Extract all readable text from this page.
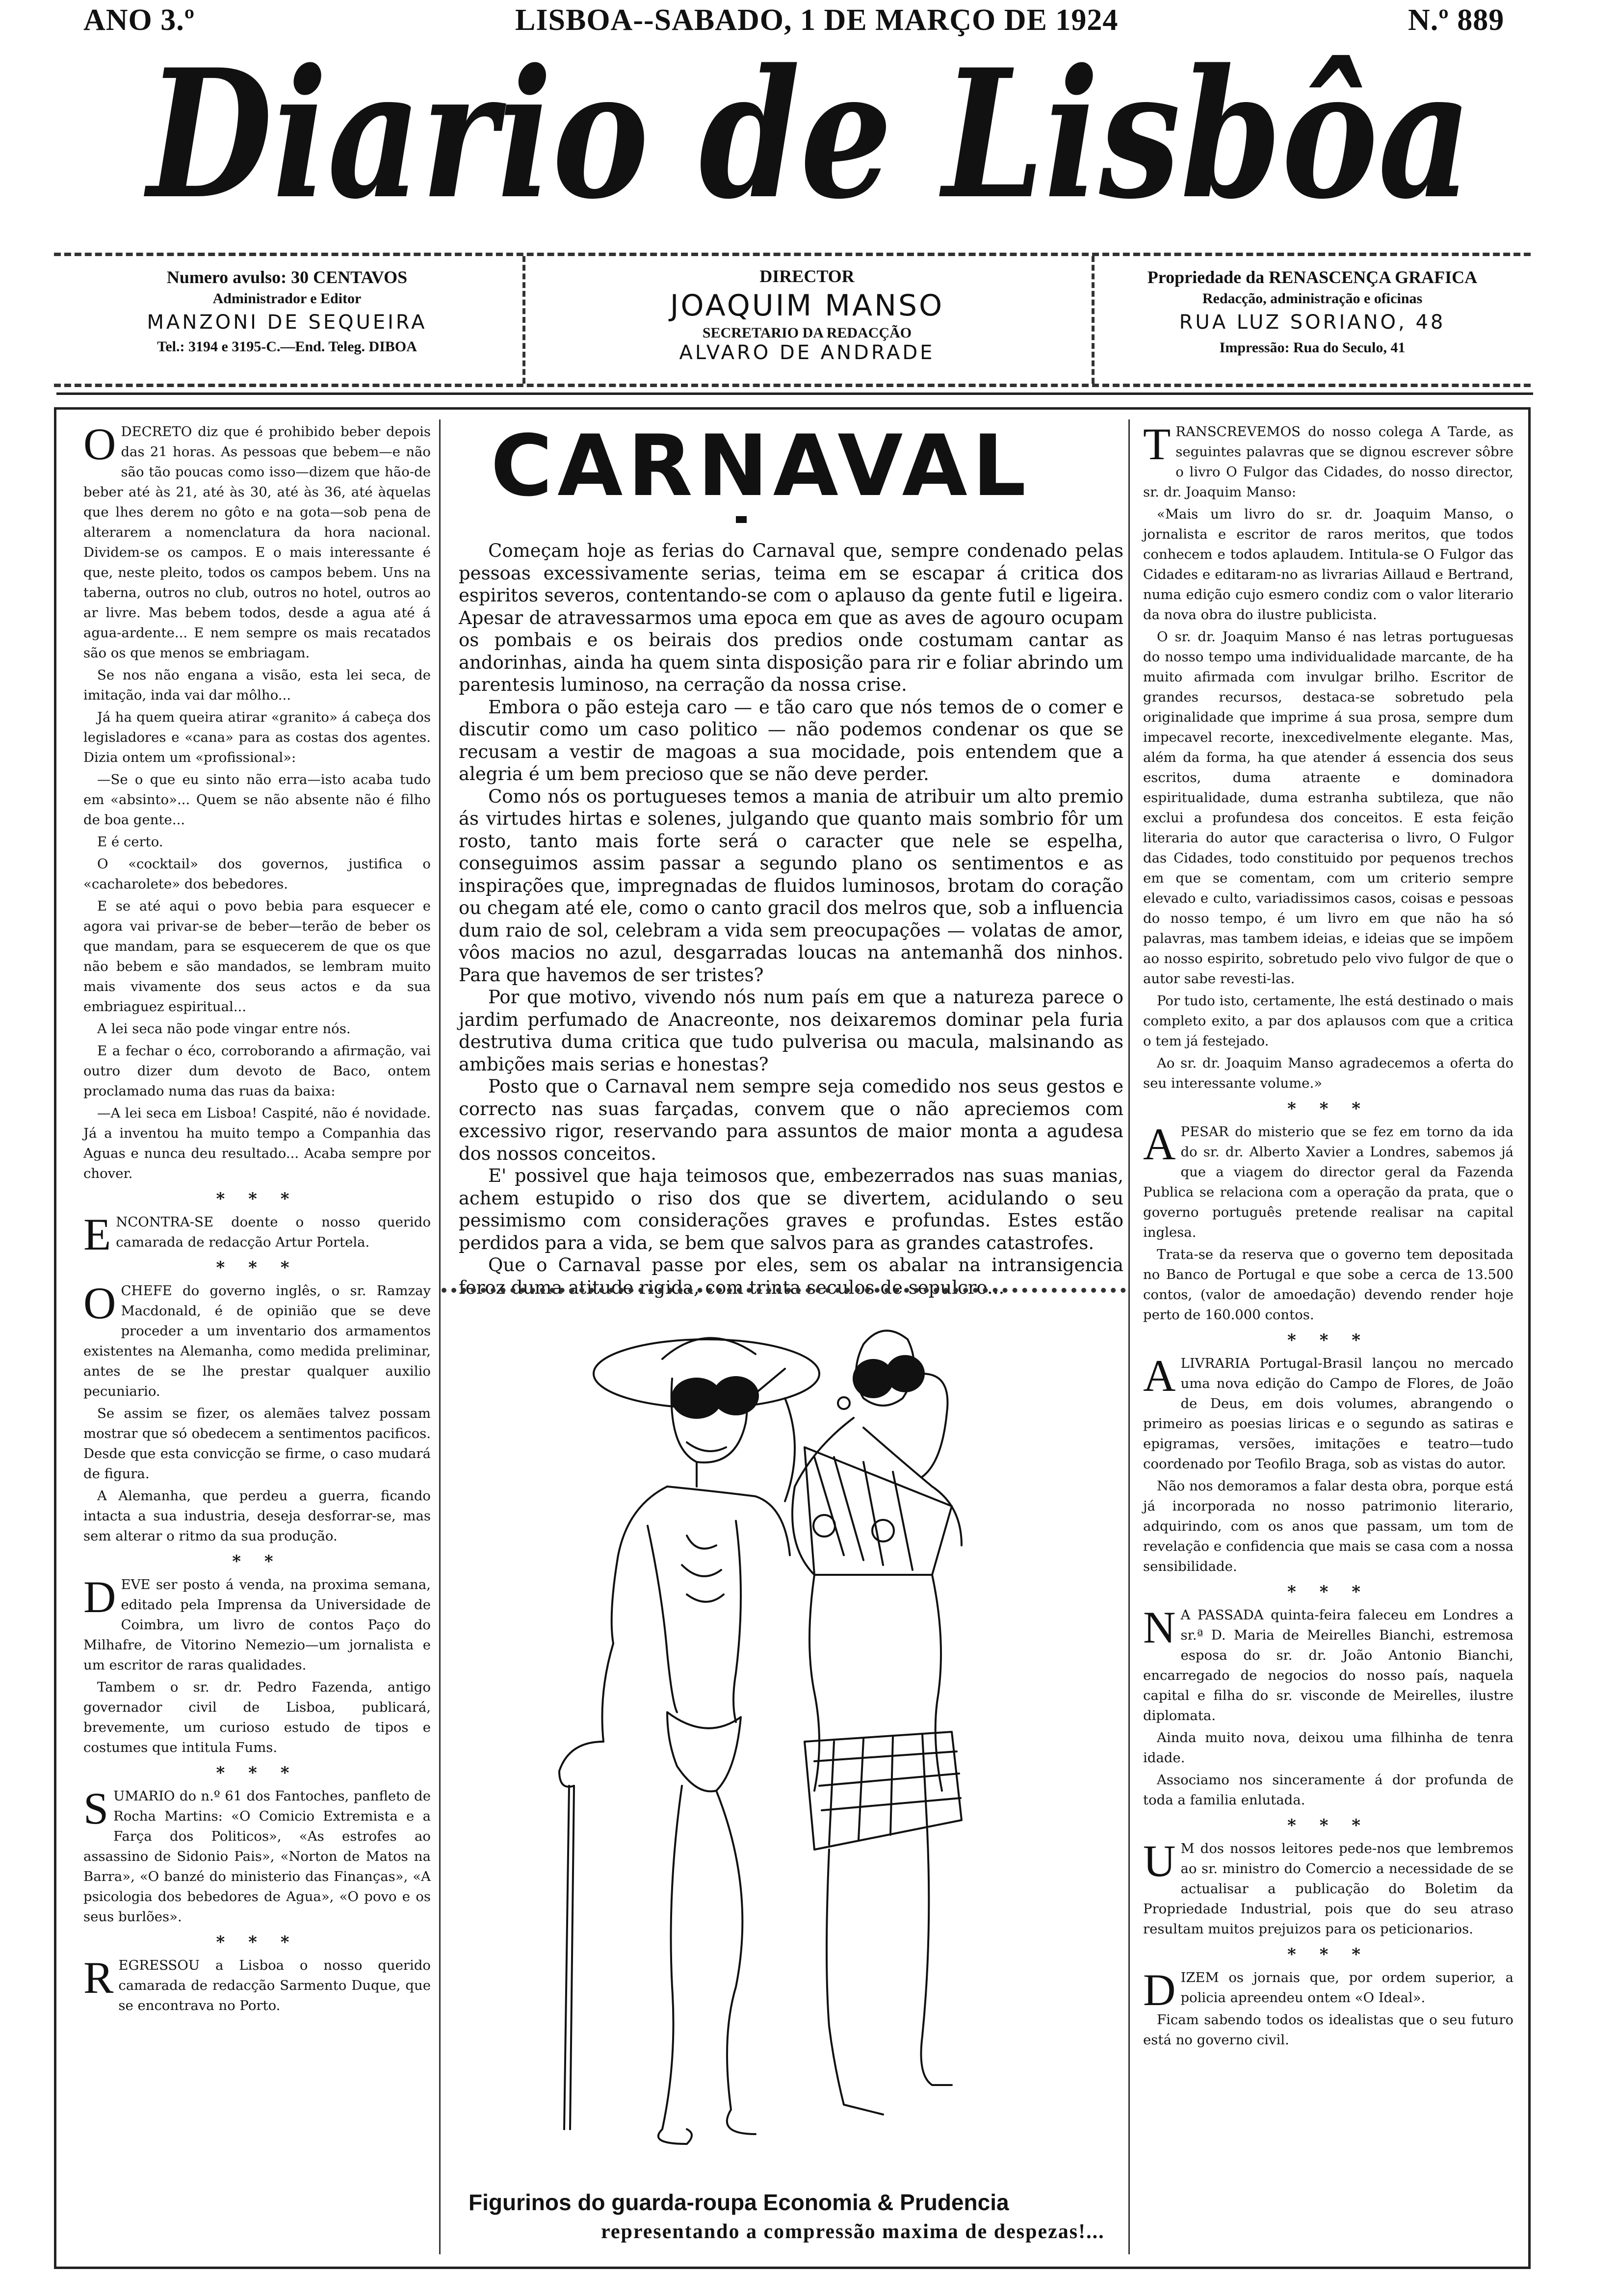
ANO 3.º	LISBOA--SABADO, 1 DE MARÇO DE 1924	N.º 889
Diario de Lisbôa
Numero avulso: 30 CENTAVOS
Administrador e Editor
MANZONI DE SEQUEIRA
Tel.: 3194 e 3195-C.—End. Teleg. DIBOA
DIRECTOR
JOAQUIM MANSO
SECRETARIO DA REDACÇÃO
ALVARO DE ANDRADE
Propriedade da RENASCENÇA GRAFICA
Redacção, administração e oficinas
RUA LUZ SORIANO, 48
Impressão: Rua do Seculo, 41

ODECRETO diz que é prohibido beber depois das 21 horas. As pessoas que bebem—e não são tão poucas como isso—dizem que hão-de beber até às 21, até às 30, até às 36, até àquelas que lhes derem no gôto e na gota—sob pena de alterarem a nomenclatura da hora nacional. Dividem-se os campos. E o mais interessante é que, neste pleito, todos os campos bebem. Uns na taberna, outros no club, outros no hotel, outros ao ar livre. Mas bebem todos, desde a agua até á agua-ardente... E nem sempre os mais recatados são os que menos se embriagam.

Se nos não engana a visão, esta lei seca, de imitação, inda vai dar môlho...

Já ha quem queira atirar «granito» á cabeça dos legisladores e «cana» para as costas dos agentes. Dizia ontem um «profissional»:

—Se o que eu sinto não erra—isto acaba tudo em «absinto»... Quem se não absente não é filho de boa gente...

E é certo.

O «cocktail» dos governos, justifica o «cacharolete» dos bebedores.

E se até aqui o povo bebia para esquecer e agora vai privar-se de beber—terão de beber os que mandam, para se esquecerem de que os que não bebem e são mandados, se lembram muito mais vivamente dos seus actos e da sua embriaguez espiritual...

A lei seca não pode vingar entre nós.

E a fechar o éco, corroborando a afirmação, vai outro dizer dum devoto de Baco, ontem proclamado numa das ruas da baixa:

—A lei seca em Lisboa! Caspité, não é novidade. Já a inventou ha muito tempo a Companhia das Aguas e nunca deu resultado... Acaba sempre por chover.

* * *

ENCONTRA-SE doente o nosso querido camarada de redacção Artur Portela.

* * *

OCHEFE do governo inglês, o sr. Ramzay Macdonald, é de opinião que se deve proceder a um inventario dos armamentos existentes na Alemanha, como medida preliminar, antes de se lhe prestar qualquer auxilio pecuniario.

Se assim se fizer, os alemães talvez possam mostrar que só obedecem a sentimentos pacificos. Desde que esta convicção se firme, o caso mudará de figura.

A Alemanha, que perdeu a guerra, ficando intacta a sua industria, deseja desforrar-se, mas sem alterar o ritmo da sua produção.

* *

DEVE ser posto á venda, na proxima semana, editado pela Imprensa da Universidade de Coimbra, um livro de contos Paço do Milhafre, de Vitorino Nemezio—um jornalista e um escritor de raras qualidades.

Tambem o sr. dr. Pedro Fazenda, antigo governador civil de Lisboa, publicará, brevemente, um curioso estudo de tipos e costumes que intitula Fums.

* * *

SUMARIO do n.º 61 dos Fantoches, panfleto de Rocha Martins: «O Comicio Extremista e a Farça dos Politicos», «As estrofes ao assassino de Sidonio Pais», «Norton de Matos na Barra», «O banzé do ministerio das Finanças», «A psicologia dos bebedores de Agua», «O povo e os seus burlões».

* * *

REGRESSOU a Lisboa o nosso querido camarada de redacção Sarmento Duque, que se encontrava no Porto.

CARNAVAL

Começam hoje as ferias do Carnaval que, sempre condenado pelas pessoas excessivamente serias, teima em se escapar á critica dos espiritos severos, contentando-se com o aplauso da gente futil e ligeira. Apesar de atravessarmos uma epoca em que as aves de agouro ocupam os pombais e os beirais dos predios onde costumam cantar as andorinhas, ainda ha quem sinta disposição para rir e foliar abrindo um parentesis luminoso, na cerração da nossa crise.

Embora o pão esteja caro — e tão caro que nós temos de o comer e discutir como um caso politico — não podemos condenar os que se recusam a vestir de magoas a sua mocidade, pois entendem que a alegria é um bem precioso que se não deve perder.

Como nós os portugueses temos a mania de atribuir um alto premio ás virtudes hirtas e solenes, julgando que quanto mais sombrio fôr um rosto, tanto mais forte será o caracter que nele se espelha, conseguimos assim passar a segundo plano os sentimentos e as inspirações que, impregnadas de fluidos luminosos, brotam do coração ou chegam até ele, como o canto gracil dos melros que, sob a influencia dum raio de sol, celebram a vida sem preocupações — volatas de amor, vôos macios no azul, desgarradas loucas na antemanhã dos ninhos. Para que havemos de ser tristes?

Por que motivo, vivendo nós num país em que a natureza parece o jardim perfumado de Anacreonte, nos deixaremos dominar pela furia destrutiva duma critica que tudo pulverisa ou macula, malsinando as ambições mais serias e honestas?

Posto que o Carnaval nem sempre seja comedido nos seus gestos e correcto nas suas farçadas, convem que o não apreciemos com excessivo rigor, reservando para assuntos de maior monta a agudesa dos nossos conceitos.

E' possivel que haja teimosos que, embezerrados nas suas manias, achem estupido o riso dos que se divertem, acidulando o seu pessimismo com considerações graves e profundas. Estes estão perdidos para a vida, se bem que salvos para as grandes catastrofes.

Que o Carnaval passe por eles, sem os abalar na intransigencia feroz duma atitude rigida, com trinta seculos de sepulcro...

Figurinos do guarda-roupa Economia & Prudencia
representando a compressão maxima de despezas!...

TRANSCREVEMOS do nosso colega A Tarde, as seguintes palavras que se dignou escrever sôbre o livro O Fulgor das Cidades, do nosso director, sr. dr. Joaquim Manso:

«Mais um livro do sr. dr. Joaquim Manso, o jornalista e escritor de raros meritos, que todos conhecem e todos aplaudem. Intitula-se O Fulgor das Cidades e editaram-no as livrarias Aillaud e Bertrand, numa edição cujo esmero condiz com o valor literario da nova obra do ilustre publicista.

O sr. dr. Joaquim Manso é nas letras portuguesas do nosso tempo uma individualidade marcante, de ha muito afirmada com invulgar brilho. Escritor de grandes recursos, destaca-se sobretudo pela originalidade que imprime á sua prosa, sempre dum impecavel recorte, inexcedivelmente elegante. Mas, além da forma, ha que atender á essencia dos seus escritos, duma atraente e dominadora espiritualidade, duma estranha subtileza, que não exclui a profundesa dos conceitos. E esta feição literaria do autor que caracterisa o livro, O Fulgor das Cidades, todo constituido por pequenos trechos em que se comentam, com um criterio sempre elevado e culto, variadissimos casos, coisas e pessoas do nosso tempo, é um livro em que não ha só palavras, mas tambem ideias, e ideias que se impõem ao nosso espirito, sobretudo pelo vivo fulgor de que o autor sabe revesti-las.

Por tudo isto, certamente, lhe está destinado o mais completo exito, a par dos aplausos com que a critica o tem já festejado.

Ao sr. dr. Joaquim Manso agradecemos a oferta do seu interessante volume.»

* * *

APESAR do misterio que se fez em torno da ida do sr. dr. Alberto Xavier a Londres, sabemos já que a viagem do director geral da Fazenda Publica se relaciona com a operação da prata, que o governo português pretende realisar na capital inglesa.

Trata-se da reserva que o governo tem depositada no Banco de Portugal e que sobe a cerca de 13.500 contos, (valor de amoedação) devendo render hoje perto de 160.000 contos.

* * *

ALIVRARIA Portugal-Brasil lançou no mercado uma nova edição do Campo de Flores, de João de Deus, em dois volumes, abrangendo o primeiro as poesias liricas e o segundo as satiras e epigramas, versões, imitações e teatro—tudo coordenado por Teofilo Braga, sob as vistas do autor.

Não nos demoramos a falar desta obra, porque está já incorporada no nosso patrimonio literario, adquirindo, com os anos que passam, um tom de revelação e confidencia que mais se casa com a nossa sensibilidade.

* * *

N A PASSADA quinta-feira faleceu em Londres a sr.ª D. Maria de Meirelles Bianchi, estremosa esposa do sr. dr. João Antonio Bianchi, encarregado de negocios do nosso país, naquela capital e filha do sr. visconde de Meirelles, ilustre diplomata.

Ainda muito nova, deixou uma filhinha de tenra idade.

Associamo nos sinceramente á dor profunda de toda a familia enlutada.

* * *

U M dos nossos leitores pede-nos que lembremos ao sr. ministro do Comercio a necessidade de se actualisar a publicação do Boletim da Propriedade Industrial, pois que do seu atraso resultam muitos prejuizos para os peticionarios.

* * *

DIZEM os jornais que, por ordem superior, a policia apreendeu ontem «O Ideal».

Ficam sabendo todos os idealistas que o seu futuro está no governo civil.
